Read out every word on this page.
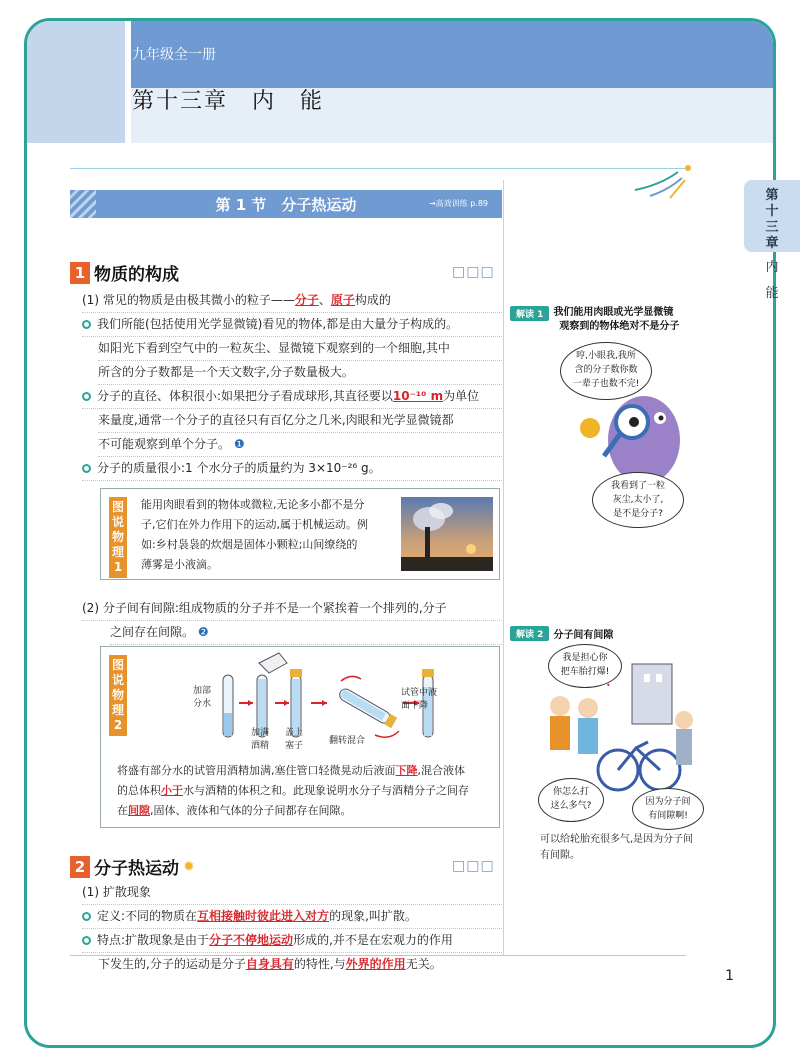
九年级全一册
第十三章　内　能
第
十
三
章
内
能
第 1 节　分子热运动	→高效训练 p.89
1 物质的构成	□□□
(1) 常见的物质是由极其微小的粒子——分子、原子构成的
我们所能(包括使用光学显微镜)看见的物体,都是由大量分子构成的。
如阳光下看到空气中的一粒灰尘、显微镜下观察到的一个细胞,其中
所含的分子数都是一个天文数字,分子数量极大。
分子的直径、体积很小:如果把分子看成球形,其直径要以10⁻¹⁰ m为单位
来量度,通常一个分子的直径只有百亿分之几米,肉眼和光学显微镜都
不可能观察到单个分子。 ❶
分子的质量很小:1 个水分子的质量约为 3×10⁻²⁶ g。
图
说
物
理
1
能用肉眼看到的物体或微粒,无论多小都不是分
子,它们在外力作用下的运动,属于机械运动。例
如:乡村袅袅的炊烟是固体小颗粒;山间缭绕的
薄雾是小液滴。
(2) 分子间有间隙:组成物质的分子并不是一个紧挨着一个排列的,分子
之间存在间隙。 ❷
图
说
物
理
2
加部
分水
加满
酒精
盖上
塞子	翻转混合
试管中液
面下降
将盛有部分水的试管用酒精加满,塞住管口轻微晃动后液面下降,混合液体
的总体积小于水与酒精的体积之和。此现象说明水分子与酒精分子之间存
在间隙,固体、液体和气体的分子间都存在间隙。
2 分子热运动 ✹	□□□
(1) 扩散现象
定义:不同的物质在互相接触时彼此进入对方的现象,叫扩散。
特点:扩散现象是由于分子不停地运动形成的,并不是在宏观力的作用
下发生的,分子的运动是分子自身具有的特性,与外界的作用无关。
解读 1	我们能用肉眼或光学显微镜
观察到的物体绝对不是分子
哼,小眼我,我所
含的分子数你数
一辈子也数不完!
我看到了一粒
灰尘,太小了,
是不是分子?
解读 2	分子间有间隙
我是担心你
把车胎打爆!
你怎么打
这么多气?	因为分子间
有间隙啊!
可以给轮胎充很多气,是因为分子间
有间隙。
1
